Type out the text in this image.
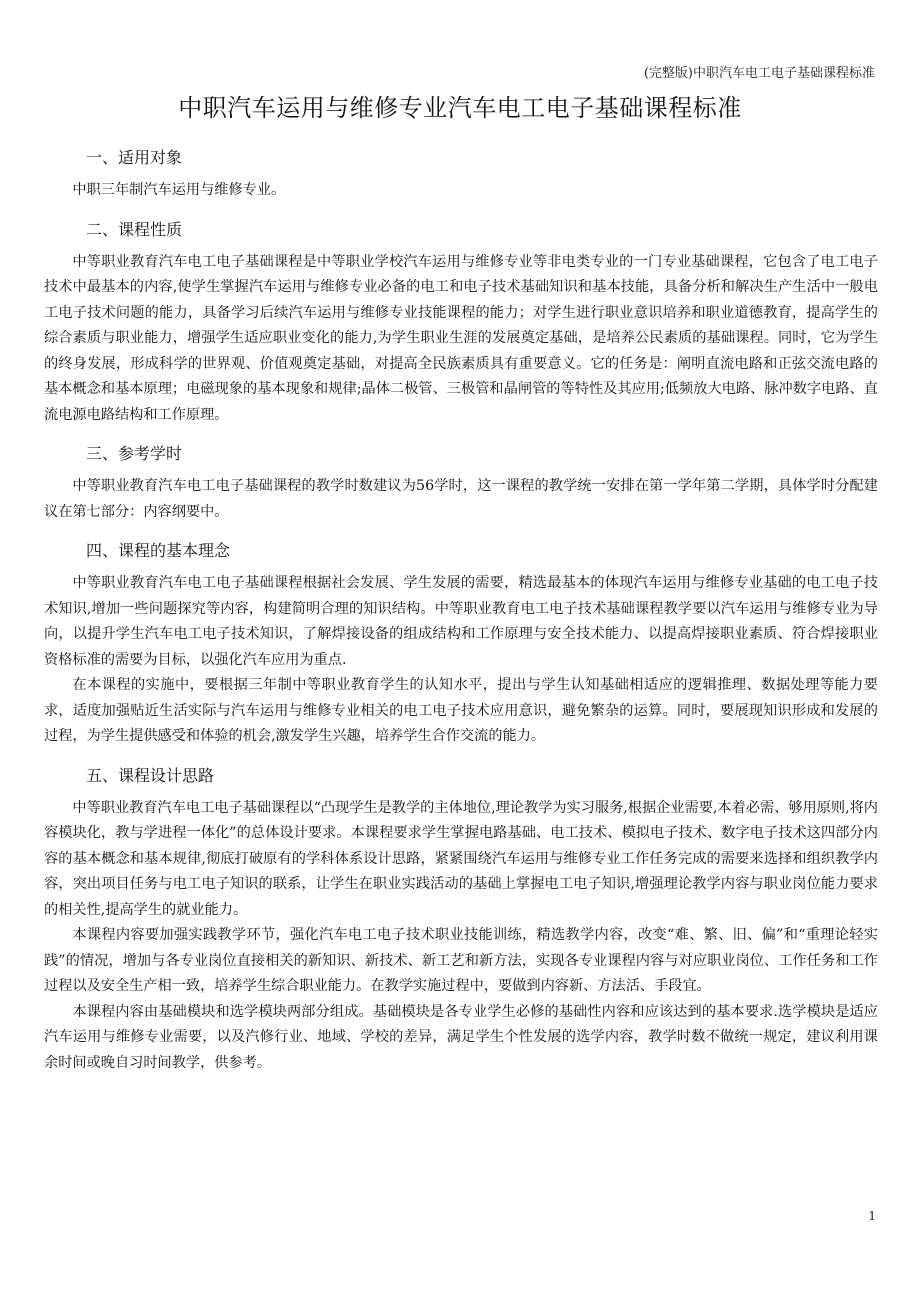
(完整版)中职汽车电工电子基础课程标准
中职汽车运用与维修专业汽车电工电子基础课程标准
一、适用对象

中职三年制汽车运用与维修专业。

二、课程性质

中等职业教育汽车电工电子基础课程是中等职业学校汽车运用与维修专业等非电类专业的一门专业基础课程，它包含了电工电子技术中最基本的内容,使学生掌握汽车运用与维修专业必备的电工和电子技术基础知识和基本技能，具备分析和解决生产生活中一般电工电子技术问题的能力，具备学习后续汽车运用与维修专业技能课程的能力；对学生进行职业意识培养和职业道德教育，提高学生的综合素质与职业能力，增强学生适应职业变化的能力,为学生职业生涯的发展奠定基础，是培养公民素质的基础课程。同时，它为学生的终身发展，形成科学的世界观、价值观奠定基础，对提高全民族素质具有重要意义。它的任务是：阐明直流电路和正弦交流电路的基本概念和基本原理；电磁现象的基本现象和规律;晶体二极管、三极管和晶闸管的等特性及其应用;低频放大电路、脉冲数字电路、直流电源电路结构和工作原理。

三、参考学时

中等职业教育汽车电工电子基础课程的教学时数建议为56学时，这一课程的教学统一安排在第一学年第二学期，具体学时分配建议在第七部分：内容纲要中。

四、课程的基本理念

中等职业教育汽车电工电子基础课程根据社会发展、学生发展的需要，精选最基本的体现汽车运用与维修专业基础的电工电子技术知识,增加一些问题探究等内容，构建简明合理的知识结构。中等职业教育电工电子技术基础课程教学要以汽车运用与维修专业为导向，以提升学生汽车电工电子技术知识，了解焊接设备的组成结构和工作原理与安全技术能力、以提高焊接职业素质、符合焊接职业资格标准的需要为目标，以强化汽车应用为重点.

在本课程的实施中，要根据三年制中等职业教育学生的认知水平，提出与学生认知基础相适应的逻辑推理、数据处理等能力要求，适度加强贴近生活实际与汽车运用与维修专业相关的电工电子技术应用意识，避免繁杂的运算。同时，要展现知识形成和发展的过程，为学生提供感受和体验的机会,激发学生兴趣，培养学生合作交流的能力。

五、课程设计思路

中等职业教育汽车电工电子基础课程以“凸现学生是教学的主体地位,理论教学为实习服务,根据企业需要,本着必需、够用原则,将内容模块化，教与学进程一体化”的总体设计要求。本课程要求学生掌握电路基础、电工技术、模拟电子技术、数字电子技术这四部分内容的基本概念和基本规律,彻底打破原有的学科体系设计思路，紧紧围绕汽车运用与维修专业工作任务完成的需要来选择和组织教学内容，突出项目任务与电工电子知识的联系，让学生在职业实践活动的基础上掌握电工电子知识,增强理论教学内容与职业岗位能力要求的相关性,提高学生的就业能力。

本课程内容要加强实践教学环节，强化汽车电工电子技术职业技能训练，精选教学内容，改变“难、繁、旧、偏”和“重理论轻实践”的情况，增加与各专业岗位直接相关的新知识、新技术、新工艺和新方法，实现各专业课程内容与对应职业岗位、工作任务和工作过程以及安全生产相一致，培养学生综合职业能力。在教学实施过程中，要做到内容新、方法活、手段宜。

本课程内容由基础模块和选学模块两部分组成。基础模块是各专业学生必修的基础性内容和应该达到的基本要求.选学模块是适应汽车运用与维修专业需要，以及汽修行业、地域、学校的差异，满足学生个性发展的选学内容，教学时数不做统一规定，建议利用课余时间或晚自习时间教学，供参考。

1
